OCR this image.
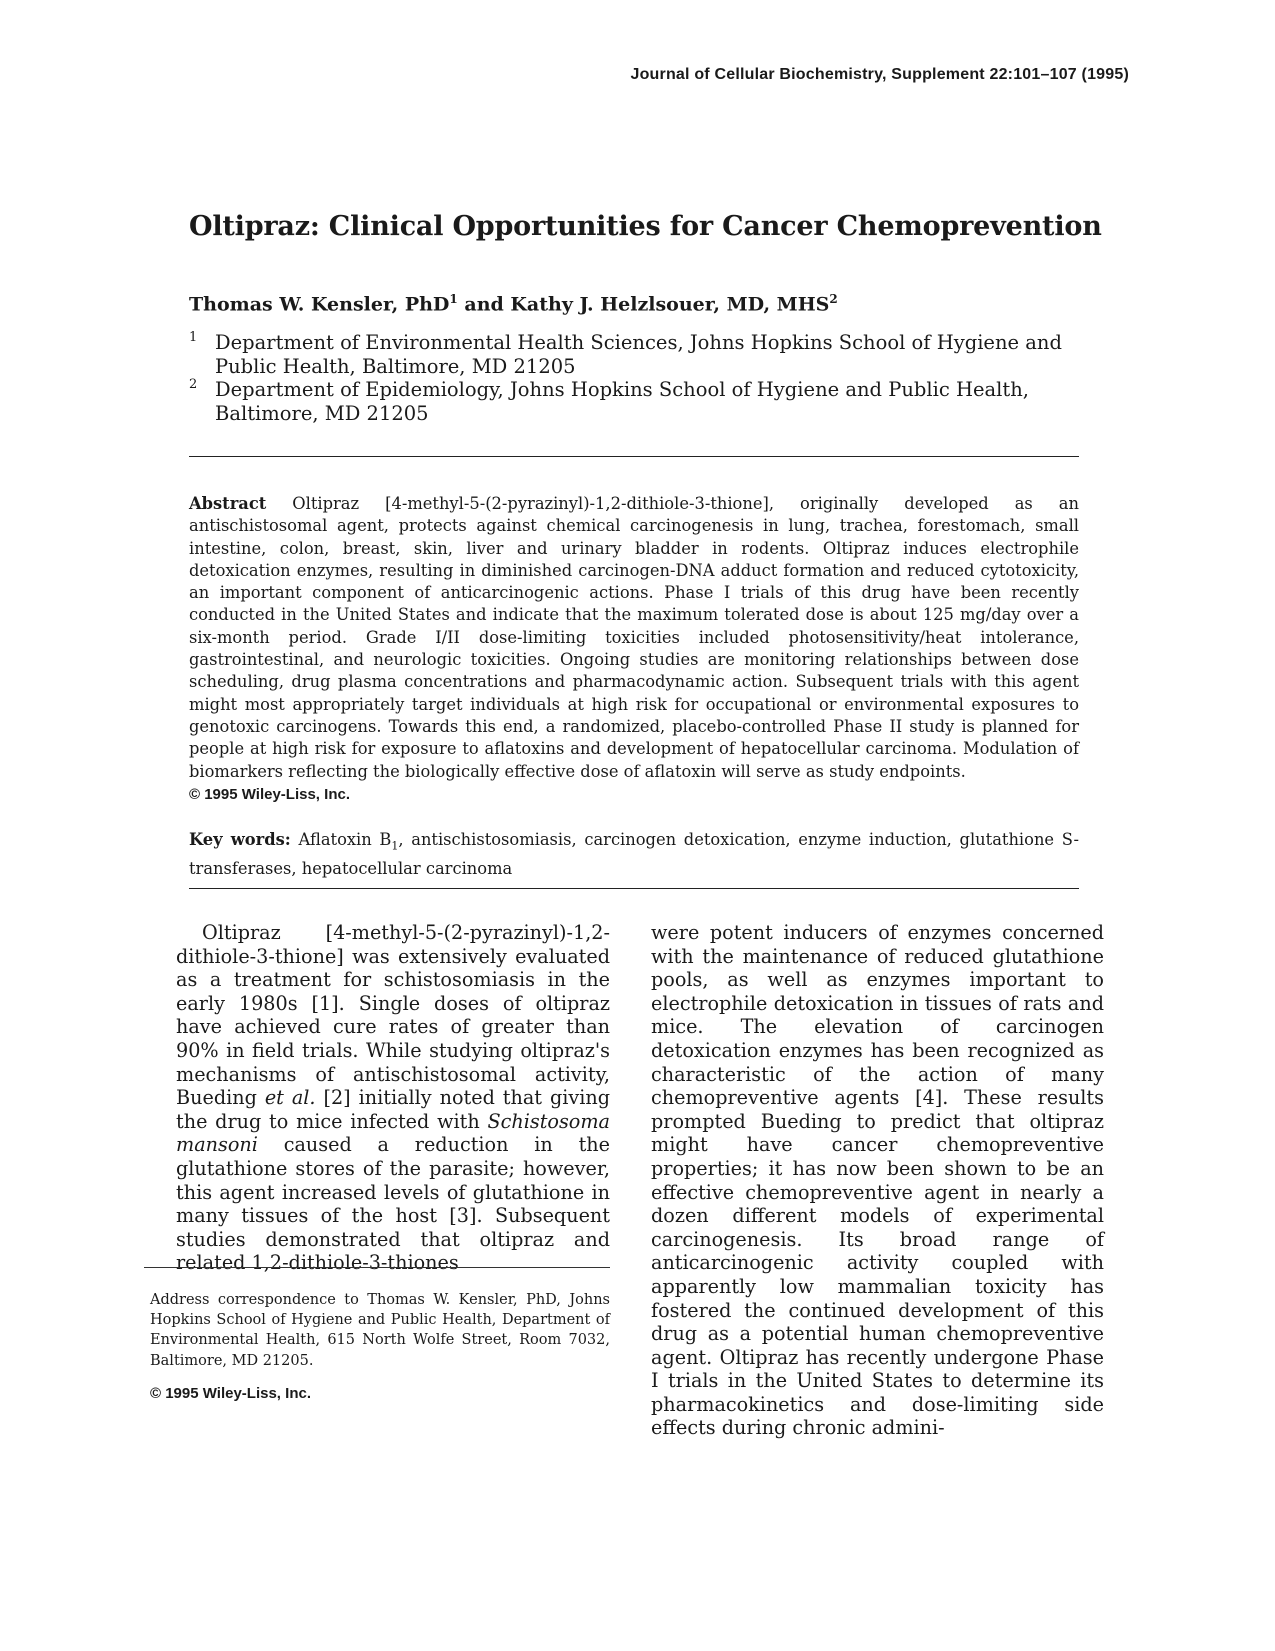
Journal of Cellular Biochemistry, Supplement 22:101–107 (1995)
Oltipraz: Clinical Opportunities for Cancer Chemoprevention
Thomas W. Kensler, PhD$^1$ and Kathy J. Helzlsouer, MD, MHS$^2$
1 Department of Environmental Health Sciences, Johns Hopkins School of Hygiene and Public Health, Baltimore, MD 21205
2 Department of Epidemiology, Johns Hopkins School of Hygiene and Public Health, Baltimore, MD 21205
Abstract Oltipraz [4-methyl-5-(2-pyrazinyl)-1,2-dithiole-3-thione], originally developed as an antischistosomal agent, protects against chemical carcinogenesis in lung, trachea, forestomach, small intestine, colon, breast, skin, liver and urinary bladder in rodents. Oltipraz induces electrophile detoxication enzymes, resulting in diminished carcinogen-DNA adduct formation and reduced cytotoxicity, an important component of anticarcinogenic actions. Phase I trials of this drug have been recently conducted in the United States and indicate that the maximum tolerated dose is about 125 mg/day over a six-month period. Grade I/II dose-limiting toxicities included photosensitivity/heat intolerance, gastrointestinal, and neurologic toxicities. Ongoing studies are monitoring relationships between dose scheduling, drug plasma concentrations and pharmacodynamic action. Subsequent trials with this agent might most appropriately target individuals at high risk for occupational or environmental exposures to genotoxic carcinogens. Towards this end, a randomized, placebo-controlled Phase II study is planned for people at high risk for exposure to aflatoxins and development of hepatocellular carcinoma. Modulation of biomarkers reflecting the biologically effective dose of aflatoxin will serve as study endpoints.
© 1995 Wiley-Liss, Inc.
Key words: Aflatoxin $B_1$, antischistosomiasis, carcinogen detoxication, enzyme induction, glutathione S-transferases, hepatocellular carcinoma

Oltipraz [4-methyl-5-(2-pyrazinyl)-1,2-dithiole-3-thione] was extensively evaluated as a treatment for schistosomiasis in the early 1980s [1]. Single doses of oltipraz have achieved cure rates of greater than 90% in field trials. While studying oltipraz's mechanisms of antischistosomal activity, Bueding et al. [2] initially noted that giving the drug to mice infected with Schistosoma mansoni caused a reduction in the glutathione stores of the parasite; however, this agent increased levels of glutathione in many tissues of the host [3]. Subsequent studies demonstrated that oltipraz and related 1,2-dithiole-3-thiones

were potent inducers of enzymes concerned with the maintenance of reduced glutathione pools, as well as enzymes important to electrophile detoxication in tissues of rats and mice. The elevation of carcinogen detoxication enzymes has been recognized as characteristic of the action of many chemopreventive agents [4]. These results prompted Bueding to predict that oltipraz might have cancer chemopreventive properties; it has now been shown to be an effective chemopreventive agent in nearly a dozen different models of experimental carcinogenesis. Its broad range of anticarcinogenic activity coupled with apparently low mammalian toxicity has fostered the continued development of this drug as a potential human chemopreventive agent. Oltipraz has recently undergone Phase I trials in the United States to determine its pharmacokinetics and dose-limiting side effects during chronic admini-

Address correspondence to Thomas W. Kensler, PhD, Johns Hopkins School of Hygiene and Public Health, Department of Environmental Health, 615 North Wolfe Street, Room 7032, Baltimore, MD 21205.
© 1995 Wiley-Liss, Inc.
